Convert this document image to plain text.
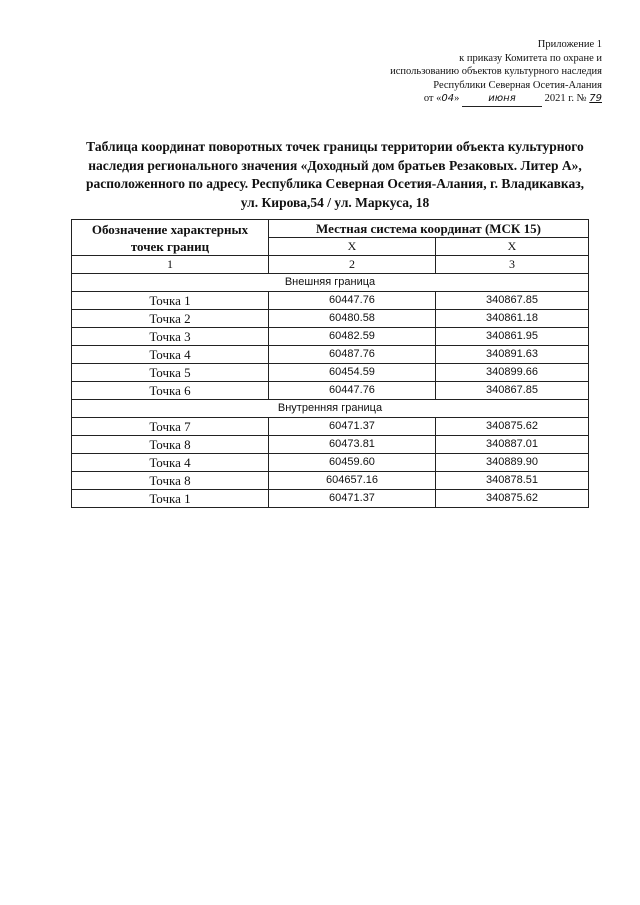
Приложение 1
к приказу Комитета по охране и
использованию объектов культурного наследия
Республики Северная Осетия-Алания
от «04»	июня	2021 г. № 79
Таблица координат поворотных точек границы территории объекта культурного наследия регионального значения «Доходный дом братьев Резаковых. Литер А», расположенного по адресу. Республика Северная Осетия-Алания, г. Владикавказ, ул. Кирова,54 / ул. Маркуса, 18
Обозначение характерных точек границ	Местная система координат (МСК 15)	
	X	X
1	2	3
Внешняя граница		
Точка 1	60447.76	340867.85
Точка 2	60480.58	340861.18
Точка 3	60482.59	340861.95
Точка 4	60487.76	340891.63
Точка 5	60454.59	340899.66
Точка 6	60447.76	340867.85
Внутренняя граница		
Точка 7	60471.37	340875.62
Точка 8	60473.81	340887.01
Точка 4	60459.60	340889.90
Точка 8	604657.16	340878.51
Точка 1	60471.37	340875.62
